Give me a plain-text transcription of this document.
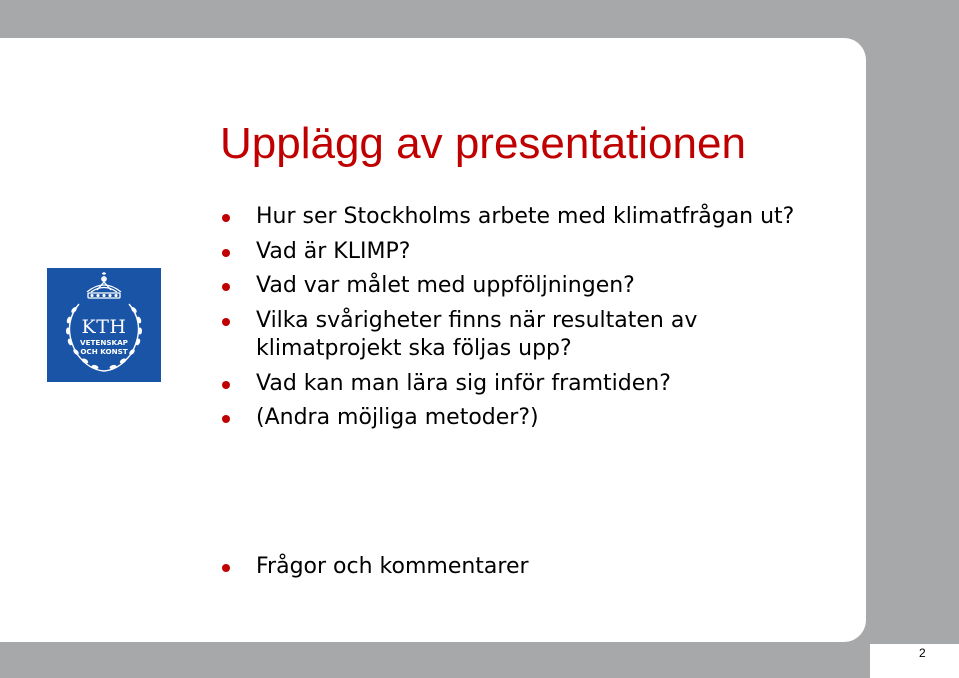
2
Upplägg av presentationen
KTH
VETENSKAP
OCH KONST
Hur ser Stockholms arbete med klimatfrågan ut?
Vad är KLIMP?
Vad var målet med uppföljningen?
Vilka svårigheter finns när resultaten av klimatprojekt ska följas upp?
Vad kan man lära sig inför framtiden?
(Andra möjliga metoder?)
Frågor och kommentarer
